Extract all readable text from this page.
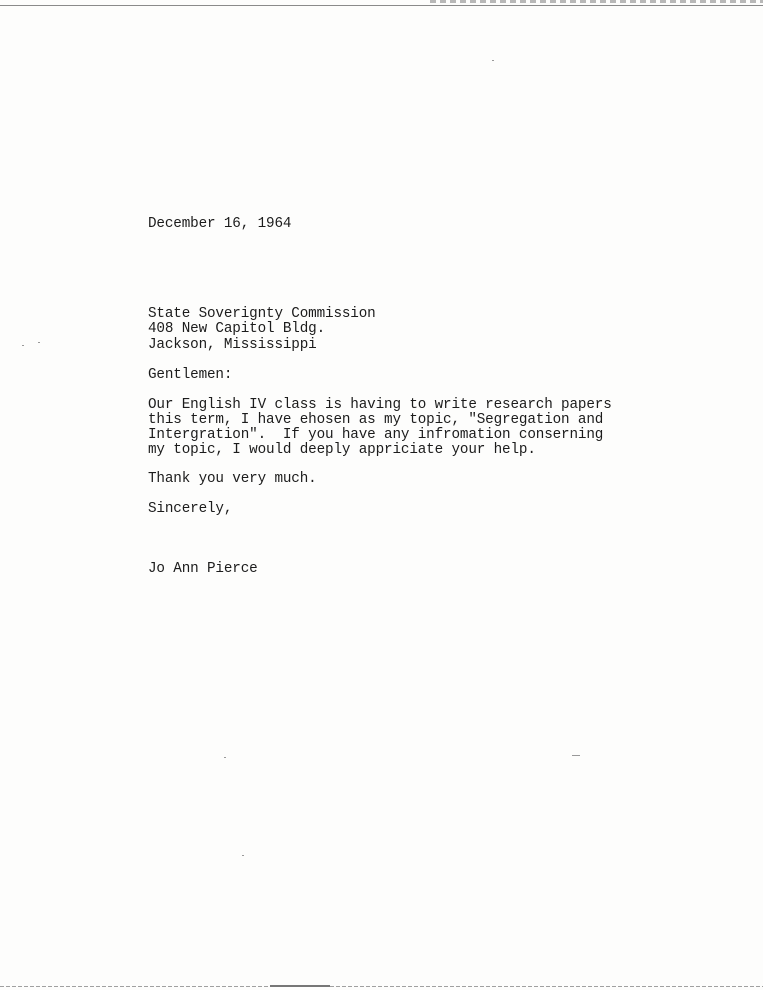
December 16, 1964
State Soverignty Commission
408 New Capitol Bldg.
Jackson, Mississippi
Gentlemen:
Our English IV class is having to write research papers
this term, I have ehosen as my topic, "Segregation and
Intergration".  If you have any infromation conserning
my topic, I would deeply appriciate your help.
Thank you very much.
Sincerely,
Jo Ann Pierce
